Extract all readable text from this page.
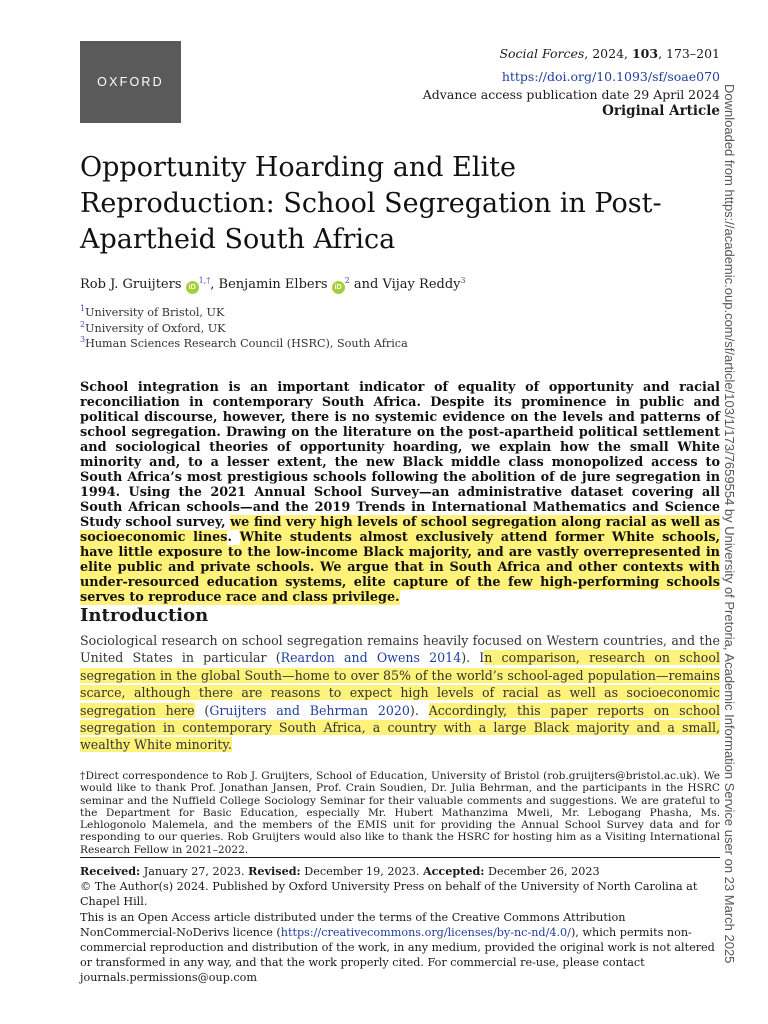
OXFORD
Social Forces, 2024, 103, 173–201
https://doi.org/10.1093/sf/soae070
Advance access publication date 29 April 2024
Original Article
Opportunity Hoarding and Elite Reproduction: School Segregation in Post-Apartheid South Africa
Rob J. Gruijters $iD^{1,\dagger}$, Benjamin Elbers $iD^2$ and Vijay Reddy$^3$
$^1$University of Bristol, UK
$^2$University of Oxford, UK
$^3$Human Sciences Research Council (HSRC), South Africa
School integration is an important indicator of equality of opportunity and racial reconciliation in contemporary South Africa. Despite its prominence in public and political discourse, however, there is no systemic evidence on the levels and patterns of school segregation. Drawing on the literature on the post-apartheid political settlement and sociological theories of opportunity hoarding, we explain how the small White minority and, to a lesser extent, the new Black middle class monopolized access to South Africa’s most prestigious schools following the abolition of de jure segregation in 1994. Using the 2021 Annual School Survey—an administrative dataset covering all South African schools—and the 2019 Trends in International Mathematics and Science Study school survey, we find very high levels of school segregation along racial as well as socioeconomic lines. White students almost exclusively attend former White schools, have little exposure to the low-income Black majority, and are vastly overrepresented in elite public and private schools. We argue that in South Africa and other contexts with under-resourced education systems, elite capture of the few high-performing schools serves to reproduce race and class privilege.
Introduction
Sociological research on school segregation remains heavily focused on Western countries, and the United States in particular (Reardon and Owens 2014). In comparison, research on school segregation in the global South—home to over 85% of the world’s school-aged population—remains scarce, although there are reasons to expect high levels of racial as well as socioeconomic segregation here (Gruijters and Behrman 2020). Accordingly, this paper reports on school segregation in contemporary South Africa, a country with a large Black majority and a small, wealthy White minority.
†Direct correspondence to Rob J. Gruijters, School of Education, University of Bristol (rob.gruijters@bristol.ac.uk). We would like to thank Prof. Jonathan Jansen, Prof. Crain Soudien, Dr. Julia Behrman, and the participants in the HSRC seminar and the Nuffield College Sociology Seminar for their valuable comments and suggestions. We are grateful to the Department for Basic Education, especially Mr. Hubert Mathanzima Mweli, Mr. Lebogang Phasha, Ms. Lehlogonolo Malemela, and the members of the EMIS unit for providing the Annual School Survey data and for responding to our queries. Rob Gruijters would also like to thank the HSRC for hosting him as a Visiting International Research Fellow in 2021–2022.
Received: January 27, 2023. Revised: December 19, 2023. Accepted: December 26, 2023
© The Author(s) 2024. Published by Oxford University Press on behalf of the University of North Carolina at Chapel Hill.
This is an Open Access article distributed under the terms of the Creative Commons Attribution NonCommercial-NoDerivs licence (https://creativecommons.org/licenses/by-nc-nd/4.0/), which permits non-commercial reproduction and distribution of the work, in any medium, provided the original work is not altered or transformed in any way, and that the work properly cited. For commercial re-use, please contact journals.permissions@oup.com
Downloaded from https://academic.oup.com/sf/article/103/1/173/7659554 by University of Pretoria, Academic Information Service user on 23 March 2025
